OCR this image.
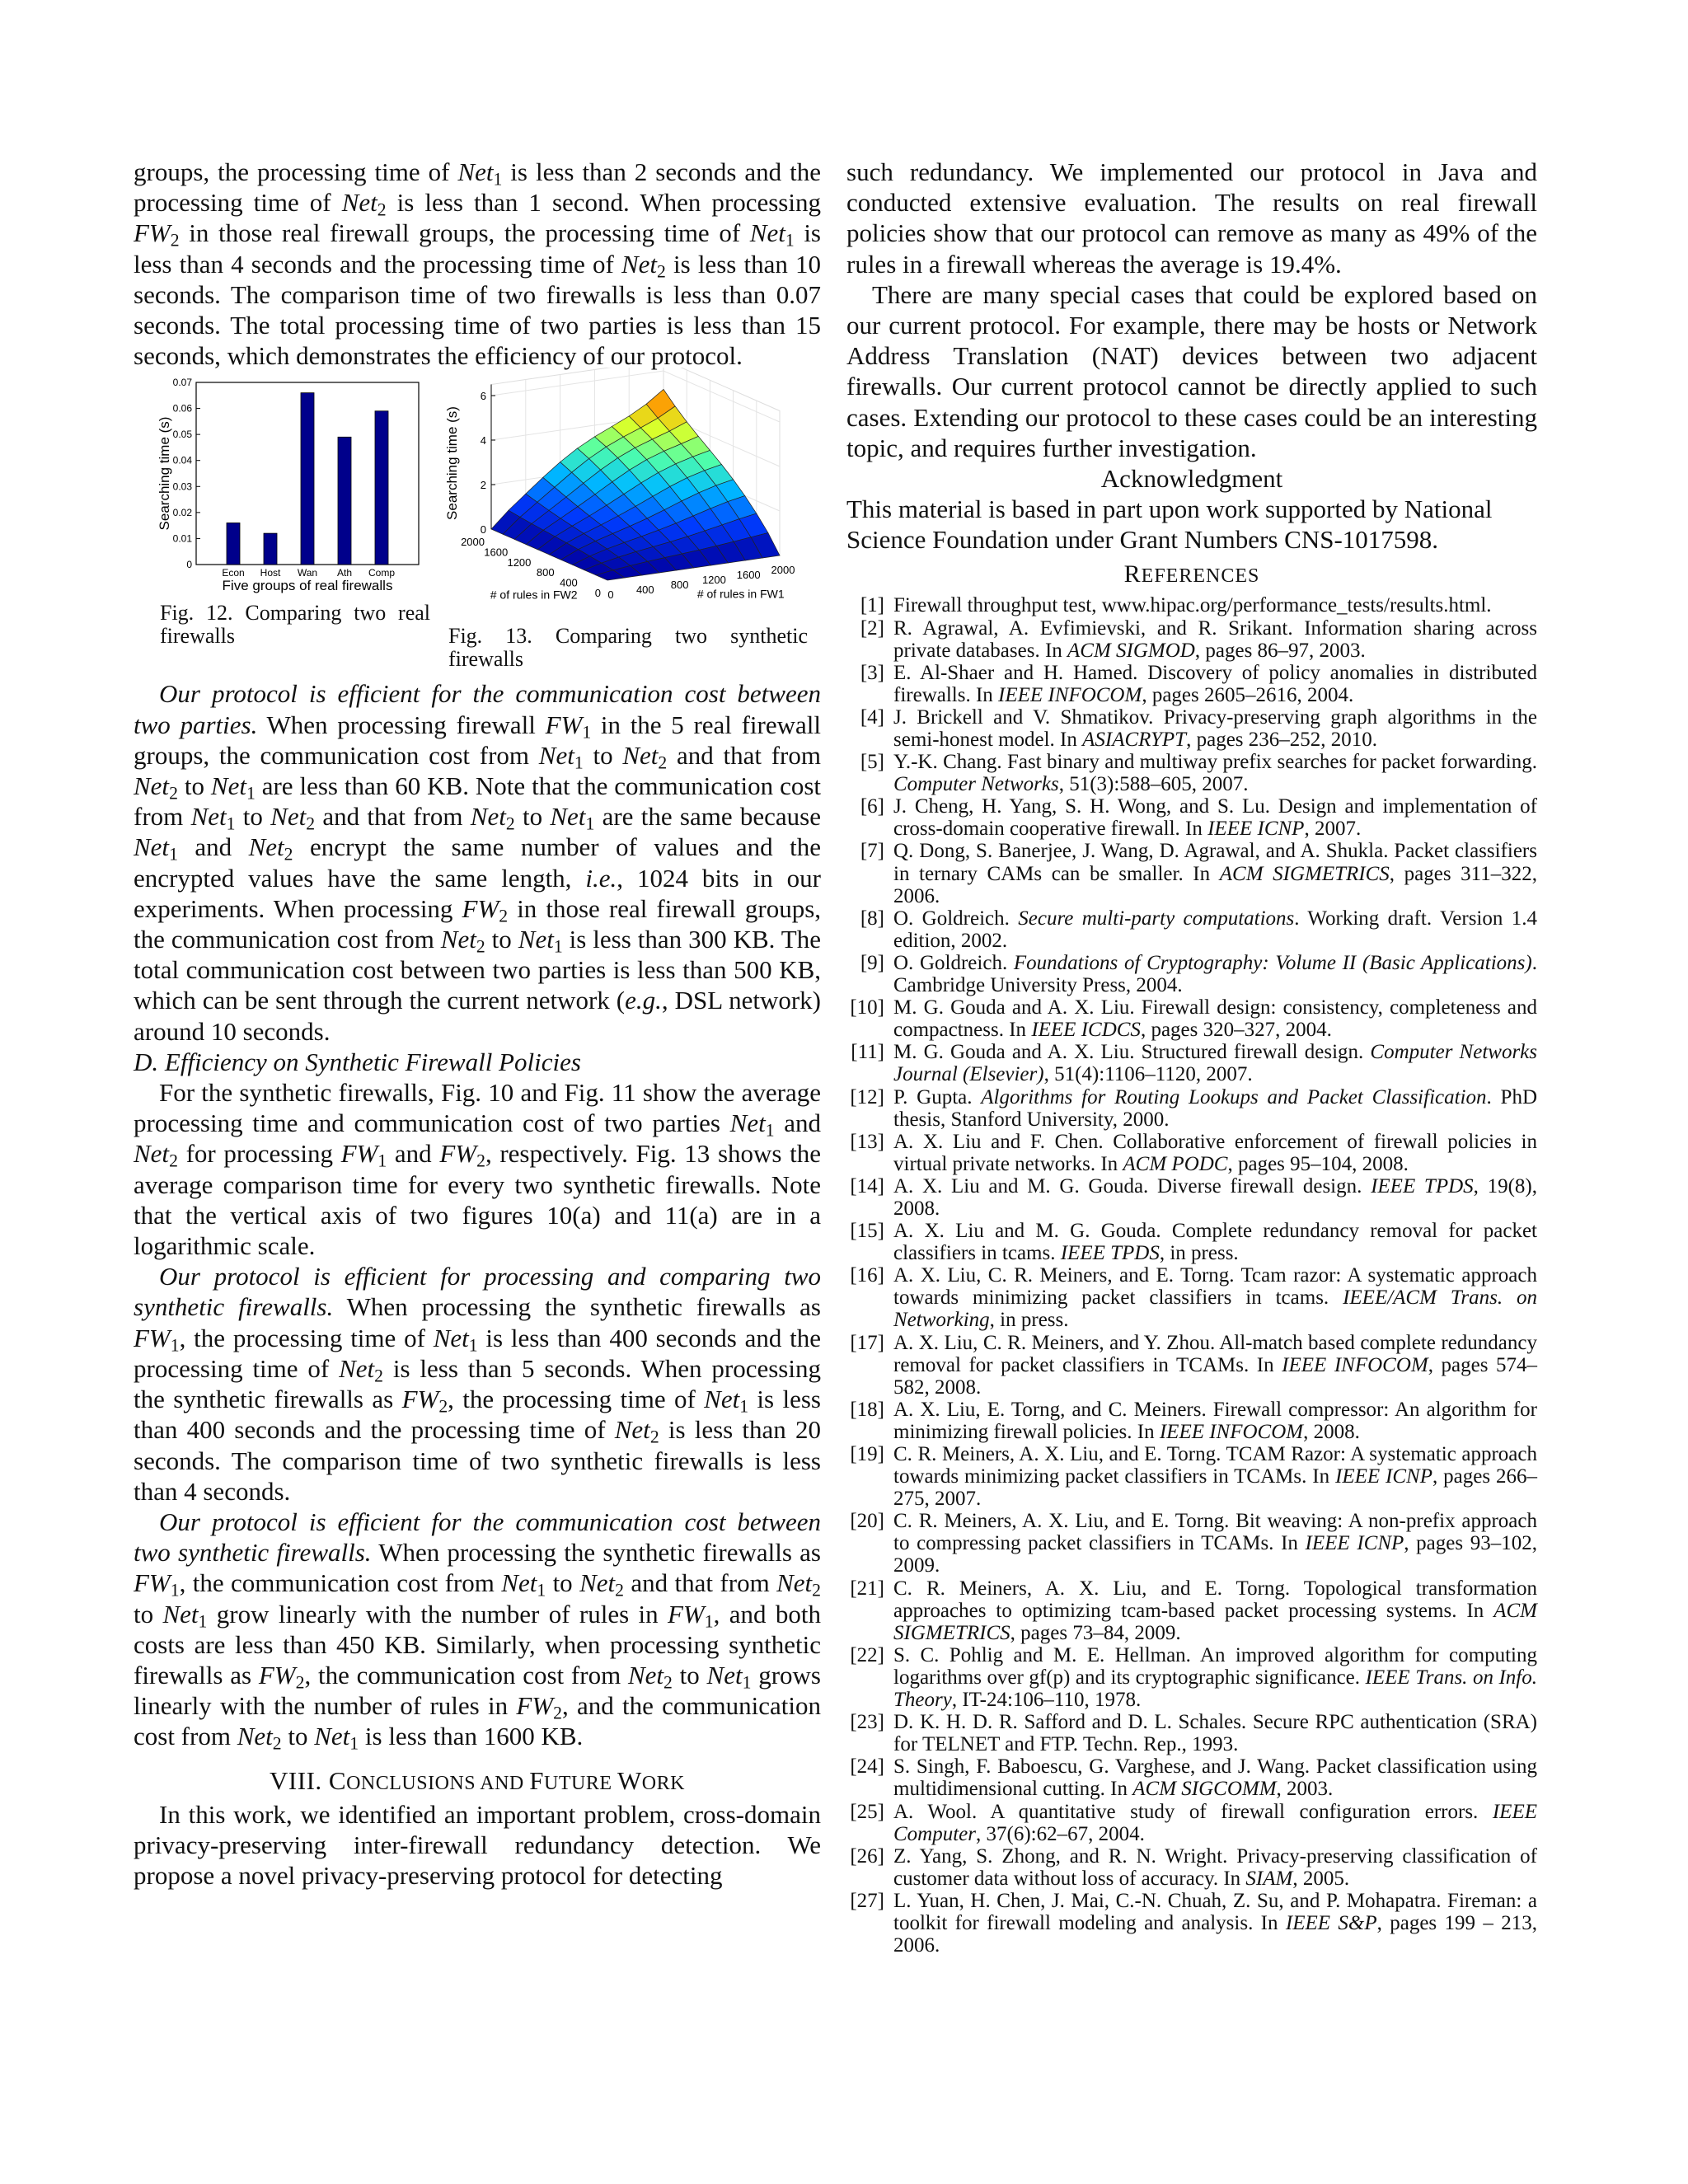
groups, the processing time of Net$_1$ is less than 2 seconds and the processing time of Net$_2$ is less than 1 second. When processing $FW_2$ in those real firewall groups, the processing time of Net$_1$ is less than 4 seconds and the processing time of Net$_2$ is less than 10 seconds. The comparison time of two firewalls is less than 0.07 seconds. The total processing time of two parties is less than 15 seconds, which demonstrates the efficiency of our protocol.

0
0.01
0.02
0.03
0.04
0.05
0.06
0.07
Econ Host Wan Ath Comp
Five groups of real firewalls
Searching time (s)
Fig. 12. Comparing two real firewalls
0
2
4
6
Searching time (s)
0 400 800 1200 1600 2000
0
400
800
1200
1600
2000
# of rules in FW1
# of rules in FW2
Fig. 13. Comparing two synthetic firewalls

Our protocol is efficient for the communication cost between two parties. When processing firewall $FW_1$ in the 5 real firewall groups, the communication cost from Net$_1$ to Net$_2$ and that from Net$_2$ to Net$_1$ are less than 60 KB. Note that the communication cost from Net$_1$ to Net$_2$ and that from Net$_2$ to Net$_1$ are the same because Net$_1$ and Net$_2$ encrypt the same number of values and the encrypted values have the same length, i.e., 1024 bits in our experiments. When processing $FW_2$ in those real firewall groups, the communication cost from Net$_2$ to Net$_1$ is less than 300 KB. The total communication cost between two parties is less than 500 KB, which can be sent through the current network (e.g., DSL network) around 10 seconds.

D. Efficiency on Synthetic Firewall Policies

For the synthetic firewalls, Fig. 10 and Fig. 11 show the average processing time and communication cost of two parties Net$_1$ and Net$_2$ for processing $FW_1$ and $FW_2$, respectively. Fig. 13 shows the average comparison time for every two synthetic firewalls. Note that the vertical axis of two figures 10(a) and 11(a) are in a logarithmic scale.

Our protocol is efficient for processing and comparing two synthetic firewalls. When processing the synthetic firewalls as $FW_1$, the processing time of Net$_1$ is less than 400 seconds and the processing time of Net$_2$ is less than 5 seconds. When processing the synthetic firewalls as $FW_2$, the processing time of Net$_1$ is less than 400 seconds and the processing time of Net$_2$ is less than 20 seconds. The comparison time of two synthetic firewalls is less than 4 seconds.

Our protocol is efficient for the communication cost between two synthetic firewalls. When processing the synthetic firewalls as $FW_1$, the communication cost from Net$_1$ to Net$_2$ and that from Net$_2$ to Net$_1$ grow linearly with the number of rules in $FW_1$, and both costs are less than 450 KB. Similarly, when processing synthetic firewalls as $FW_2$, the communication cost from Net$_2$ to Net$_1$ grows linearly with the number of rules in $FW_2$, and the communication cost from Net$_2$ to Net$_1$ is less than 1600 KB.

VIII. CONCLUSIONS AND FUTURE WORK

In this work, we identified an important problem, cross-domain privacy-preserving inter-firewall redundancy detection. We propose a novel privacy-preserving protocol for detecting

such redundancy. We implemented our protocol in Java and conducted extensive evaluation. The results on real firewall policies show that our protocol can remove as many as 49% of the rules in a firewall whereas the average is 19.4%.

There are many special cases that could be explored based on our current protocol. For example, there may be hosts or Network Address Translation (NAT) devices between two adjacent firewalls. Our current protocol cannot be directly applied to such cases. Extending our protocol to these cases could be an interesting topic, and requires further investigation.

Acknowledgment

This material is based in part upon work supported by National Science Foundation under Grant Numbers CNS-1017598.

REFERENCES

[1] Firewall throughput test, www.hipac.org/performance_tests/results.html.
[2] R. Agrawal, A. Evfimievski, and R. Srikant. Information sharing across private databases. In ACM SIGMOD, pages 86–97, 2003.
[3] E. Al-Shaer and H. Hamed. Discovery of policy anomalies in distributed firewalls. In IEEE INFOCOM, pages 2605–2616, 2004.
[4] J. Brickell and V. Shmatikov. Privacy-preserving graph algorithms in the semi-honest model. In ASIACRYPT, pages 236–252, 2010.
[5] Y.-K. Chang. Fast binary and multiway prefix searches for packet forwarding. Computer Networks, 51(3):588–605, 2007.
[6] J. Cheng, H. Yang, S. H. Wong, and S. Lu. Design and implementation of cross-domain cooperative firewall. In IEEE ICNP, 2007.
[7] Q. Dong, S. Banerjee, J. Wang, D. Agrawal, and A. Shukla. Packet classifiers in ternary CAMs can be smaller. In ACM SIGMETRICS, pages 311–322, 2006.
[8] O. Goldreich. Secure multi-party computations. Working draft. Version 1.4 edition, 2002.
[9] O. Goldreich. Foundations of Cryptography: Volume II (Basic Applications). Cambridge University Press, 2004.
[10] M. G. Gouda and A. X. Liu. Firewall design: consistency, completeness and compactness. In IEEE ICDCS, pages 320–327, 2004.
[11] M. G. Gouda and A. X. Liu. Structured firewall design. Computer Networks Journal (Elsevier), 51(4):1106–1120, 2007.
[12] P. Gupta. Algorithms for Routing Lookups and Packet Classification. PhD thesis, Stanford University, 2000.
[13] A. X. Liu and F. Chen. Collaborative enforcement of firewall policies in virtual private networks. In ACM PODC, pages 95–104, 2008.
[14] A. X. Liu and M. G. Gouda. Diverse firewall design. IEEE TPDS, 19(8), 2008.
[15] A. X. Liu and M. G. Gouda. Complete redundancy removal for packet classifiers in tcams. IEEE TPDS, in press.
[16] A. X. Liu, C. R. Meiners, and E. Torng. Tcam razor: A systematic approach towards minimizing packet classifiers in tcams. IEEE/ACM Trans. on Networking, in press.
[17] A. X. Liu, C. R. Meiners, and Y. Zhou. All-match based complete redundancy removal for packet classifiers in TCAMs. In IEEE INFOCOM, pages 574–582, 2008.
[18] A. X. Liu, E. Torng, and C. Meiners. Firewall compressor: An algorithm for minimizing firewall policies. In IEEE INFOCOM, 2008.
[19] C. R. Meiners, A. X. Liu, and E. Torng. TCAM Razor: A systematic approach towards minimizing packet classifiers in TCAMs. In IEEE ICNP, pages 266–275, 2007.
[20] C. R. Meiners, A. X. Liu, and E. Torng. Bit weaving: A non-prefix approach to compressing packet classifiers in TCAMs. In IEEE ICNP, pages 93–102, 2009.
[21] C. R. Meiners, A. X. Liu, and E. Torng. Topological transformation approaches to optimizing tcam-based packet processing systems. In ACM SIGMETRICS, pages 73–84, 2009.
[22] S. C. Pohlig and M. E. Hellman. An improved algorithm for computing logarithms over gf(p) and its cryptographic significance. IEEE Trans. on Info. Theory, IT-24:106–110, 1978.
[23] D. K. H. D. R. Safford and D. L. Schales. Secure RPC authentication (SRA) for TELNET and FTP. Techn. Rep., 1993.
[24] S. Singh, F. Baboescu, G. Varghese, and J. Wang. Packet classification using multidimensional cutting. In ACM SIGCOMM, 2003.
[25] A. Wool. A quantitative study of firewall configuration errors. IEEE Computer, 37(6):62–67, 2004.
[26] Z. Yang, S. Zhong, and R. N. Wright. Privacy-preserving classification of customer data without loss of accuracy. In SIAM, 2005.
[27] L. Yuan, H. Chen, J. Mai, C.-N. Chuah, Z. Su, and P. Mohapatra. Fireman: a toolkit for firewall modeling and analysis. In IEEE S&P, pages 199 – 213, 2006.
